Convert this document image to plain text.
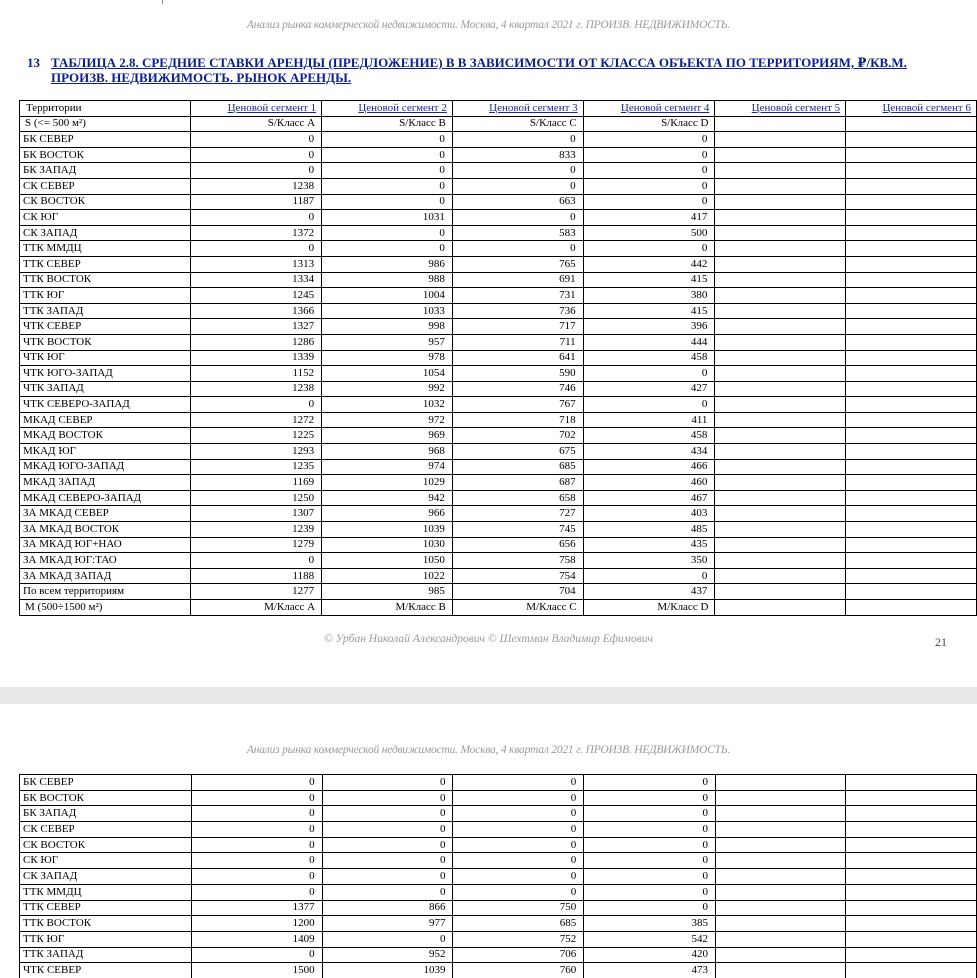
Анализ рынка коммерческой недвижимости. Москва, 4 квартал 2021 г. ПРОИЗВ. НЕДВИЖИМОСТЬ.
13 ТАБЛИЦА 2.8. СРЕДНИЕ СТАВКИ АРЕНДЫ (ПРЕДЛОЖЕНИЕ) В В ЗАВИСИМОСТИ ОТ КЛАССА ОБЪЕКТА ПО ТЕРРИТОРИЯМ, ₽/КВ.М. ПРОИЗВ. НЕДВИЖИМОСТЬ. РЫНОК АРЕНДЫ.
Территории	Ценовой сегмент 1	Ценовой сегмент 2	Ценовой сегмент 3	Ценовой сегмент 4	Ценовой сегмент 5	Ценовой сегмент 6
S (<= 500 м²)	S/Класс A	S/Класс B	S/Класс C	S/Класс D		
БК СЕВЕР	0	0	0	0		
БК ВОСТОК	0	0	833	0		
БК ЗАПАД	0	0	0	0		
СК СЕВЕР	1238	0	0	0		
СК ВОСТОК	1187	0	663	0		
СК ЮГ	0	1031	0	417		
СК ЗАПАД	1372	0	583	500		
ТТК ММДЦ	0	0	0	0		
ТТК СЕВЕР	1313	986	765	442		
ТТК ВОСТОК	1334	988	691	415		
ТТК ЮГ	1245	1004	731	380		
ТТК ЗАПАД	1366	1033	736	415		
ЧТК СЕВЕР	1327	998	717	396		
ЧТК ВОСТОК	1286	957	711	444		
ЧТК ЮГ	1339	978	641	458		
ЧТК ЮГО-ЗАПАД	1152	1054	590	0		
ЧТК ЗАПАД	1238	992	746	427		
ЧТК СЕВЕРО-ЗАПАД	0	1032	767	0		
МКАД СЕВЕР	1272	972	718	411		
МКАД ВОСТОК	1225	969	702	458		
МКАД ЮГ	1293	968	675	434		
МКАД ЮГО-ЗАПАД	1235	974	685	466		
МКАД ЗАПАД	1169	1029	687	460		
МКАД СЕВЕРО-ЗАПАД	1250	942	658	467		
ЗА МКАД СЕВЕР	1307	966	727	403		
ЗА МКАД ВОСТОК	1239	1039	745	485		
ЗА МКАД ЮГ+НАО	1279	1030	656	435		
ЗА МКАД ЮГ:ТАО	0	1050	758	350		
ЗА МКАД ЗАПАД	1188	1022	754	0		
По всем территориям	1277	985	704	437		
M (500÷1500 м²)	M/Класс A	M/Класс B	M/Класс C	M/Класс D		
© Урбан Николай Александрович © Шехтман Владимир Ефимович	21
Анализ рынка коммерческой недвижимости. Москва, 4 квартал 2021 г. ПРОИЗВ. НЕДВИЖИМОСТЬ.
БК СЕВЕР	0	0	0	0		
БК ВОСТОК	0	0	0	0		
БК ЗАПАД	0	0	0	0		
СК СЕВЕР	0	0	0	0		
СК ВОСТОК	0	0	0	0		
СК ЮГ	0	0	0	0		
СК ЗАПАД	0	0	0	0		
ТТК ММДЦ	0	0	0	0		
ТТК СЕВЕР	1377	866	750	0		
ТТК ВОСТОК	1200	977	685	385		
ТТК ЮГ	1409	0	752	542		
ТТК ЗАПАД	0	952	706	420		
ЧТК СЕВЕР	1500	1039	760	473		
